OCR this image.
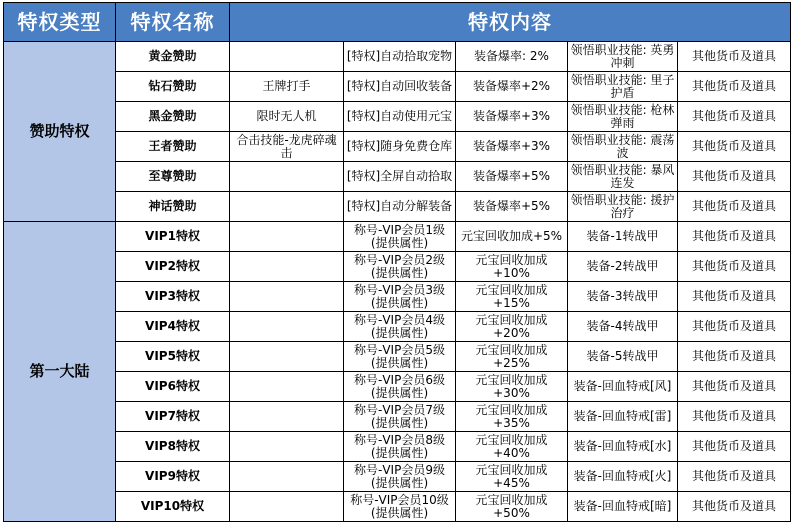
特权类型	特权名称	特权内容				
赞助特权	黄金赞助		[特权]自动拾取宠物	装备爆率: 2%	领悟职业技能: 英勇冲刺	其他货币及道具
	钻石赞助	王牌打手	[特权]自动回收装备	装备爆率+2%	领悟职业技能: 里子护盾	其他货币及道具
	黑金赞助	限时无人机	[特权]自动使用元宝	装备爆率+3%	领悟职业技能: 枪林弹雨	其他货币及道具
	王者赞助	合击技能-龙虎碎魂击	[特权]随身免费仓库	装备爆率+3%	领悟职业技能: 震荡波	其他货币及道具
	至尊赞助		[特权]全屏自动拾取	装备爆率+5%	领悟职业技能: 暴风连发	其他货币及道具
	神话赞助		[特权]自动分解装备	装备爆率+5%	领悟职业技能: 援护治疗	其他货币及道具
第一大陆	VIP1特权		称号-VIP会员1级(提供属性)	元宝回收加成+5%	装备-1转战甲	其他货币及道具
	VIP2特权		称号-VIP会员2级(提供属性)	元宝回收加成+10%	装备-2转战甲	其他货币及道具
	VIP3特权		称号-VIP会员3级(提供属性)	元宝回收加成+15%	装备-3转战甲	其他货币及道具
	VIP4特权		称号-VIP会员4级(提供属性)	元宝回收加成+20%	装备-4转战甲	其他货币及道具
	VIP5特权		称号-VIP会员5级(提供属性)	元宝回收加成+25%	装备-5转战甲	其他货币及道具
	VIP6特权		称号-VIP会员6级(提供属性)	元宝回收加成+30%	装备-回血特戒[风]	其他货币及道具
	VIP7特权		称号-VIP会员7级(提供属性)	元宝回收加成+35%	装备-回血特戒[雷]	其他货币及道具
	VIP8特权		称号-VIP会员8级(提供属性)	元宝回收加成+40%	装备-回血特戒[水]	其他货币及道具
	VIP9特权		称号-VIP会员9级(提供属性)	元宝回收加成+45%	装备-回血特戒[火]	其他货币及道具
	VIP10特权		称号-VIP会员10级(提供属性)	元宝回收加成+50%	装备-回血特戒[暗]	其他货币及道具
